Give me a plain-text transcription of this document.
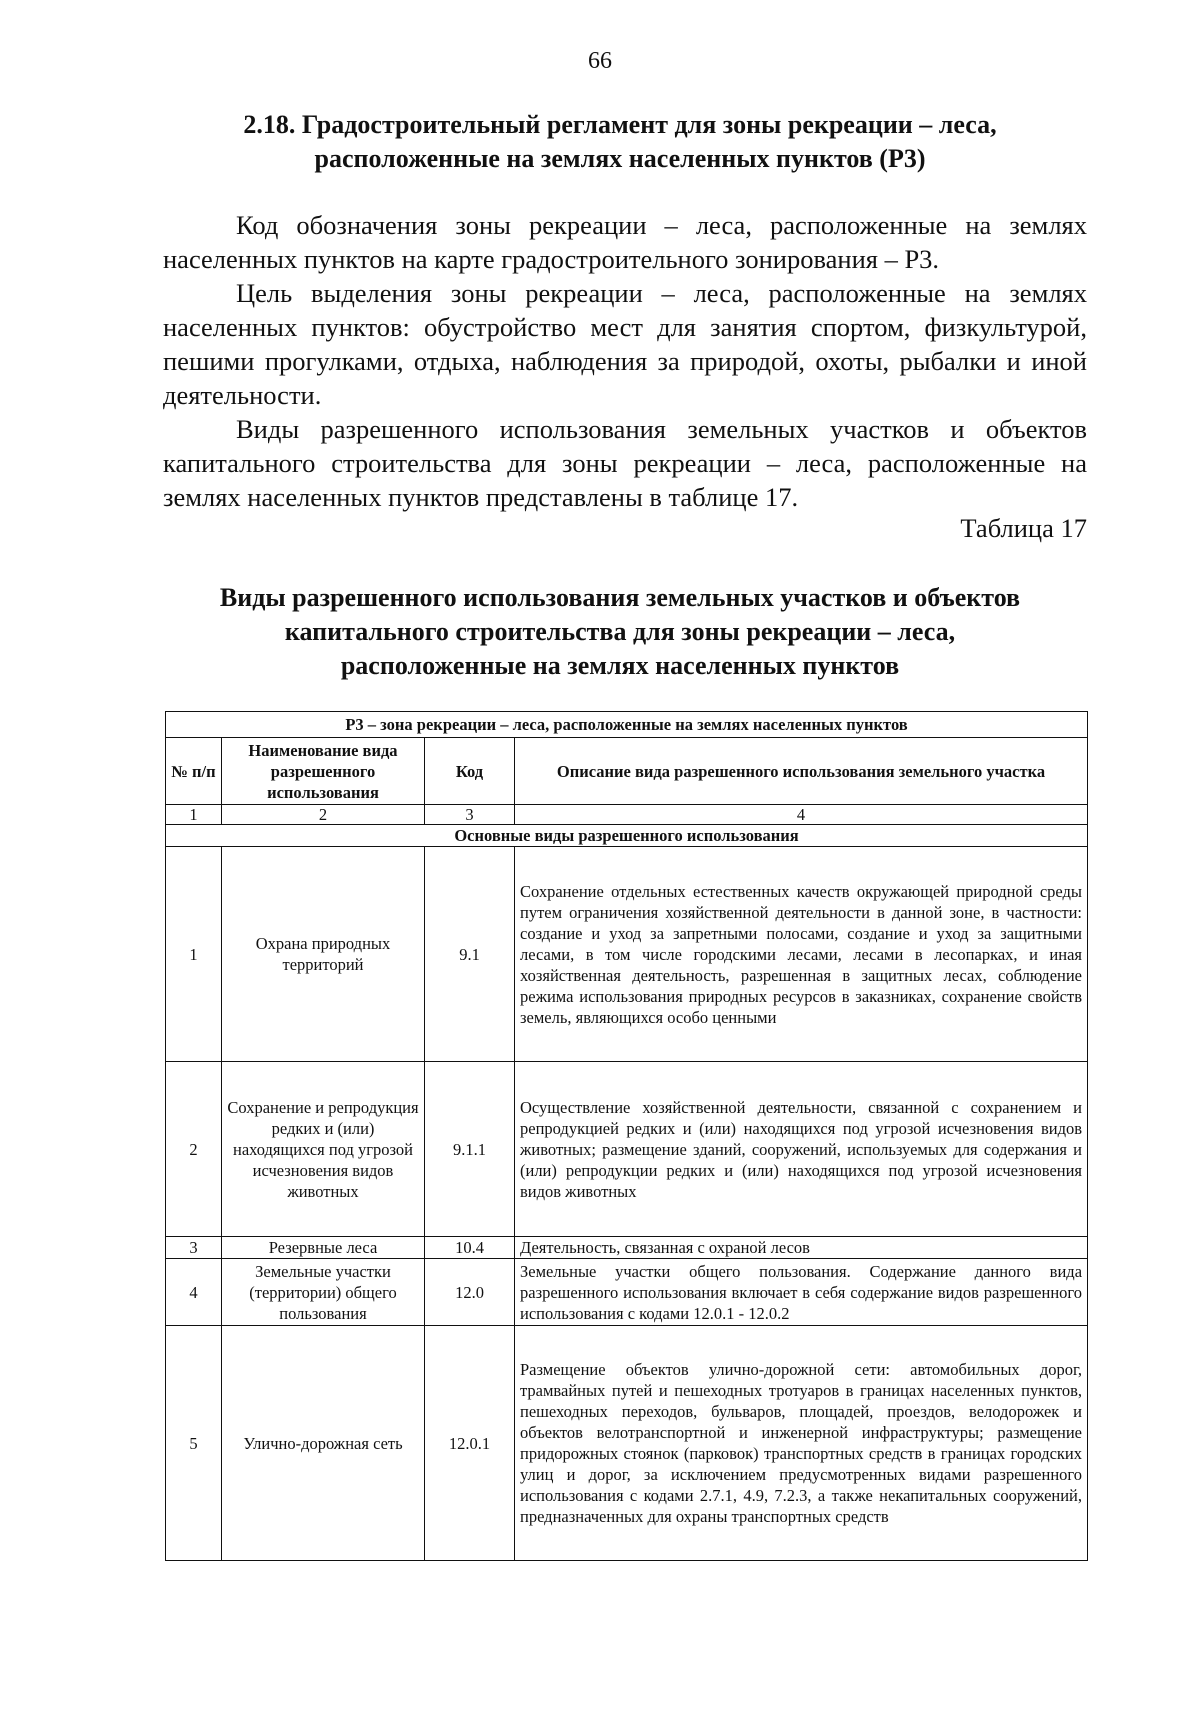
66
2.18. Градостроительный регламент для зоны рекреации – леса,
расположенные на землях населенных пунктов (Р3)

Код обозначения зоны рекреации – леса, расположенные на землях населенных пунктов на карте градостроительного зонирования – Р3.

Цель выделения зоны рекреации – леса, расположенные на землях населенных пунктов: обустройство мест для занятия спортом, физкультурой, пешими прогулками, отдыха, наблюдения за природой, охоты, рыбалки и иной деятельности.

Виды разрешенного использования земельных участков и объектов капитального строительства для зоны рекреации – леса, расположенные на землях населенных пунктов представлены в таблице 17.

Таблица 17
Виды разрешенного использования земельных участков и объектов
капитального строительства для зоны рекреации – леса,
расположенные на землях населенных пунктов
Р3 – зона рекреации – леса, расположенные на землях населенных пунктов			
№ п/п	Наименование вида разрешенного использования	Код	Описание вида разрешенного использования земельного участка
1	2	3	4
Основные виды разрешенного использования			
1	Охрана природных территорий	9.1	Сохранение отдельных естественных качеств окружающей природной среды путем ограничения хозяйственной деятельности в данной зоне, в частности: создание и уход за запретными полосами, создание и уход за защитными лесами, в том числе городскими лесами, лесами в лесопарках, и иная хозяйственная деятельность, разрешенная в защитных лесах, соблюдение режима использования природных ресурсов в заказниках, сохранение свойств земель, являющихся особо ценными
2	Сохранение и репродукция редких и (или) находящихся под угрозой исчезновения видов животных	9.1.1	Осуществление хозяйственной деятельности, связанной с сохранением и репродукцией редких и (или) находящихся под угрозой исчезновения видов животных; размещение зданий, сооружений, используемых для содержания и (или) репродукции редких и (или) находящихся под угрозой исчезновения видов животных
3	Резервные леса	10.4	Деятельность, связанная с охраной лесов
4	Земельные участки (территории) общего пользования	12.0	Земельные участки общего пользования. Содержание данного вида разрешенного использования включает в себя содержание видов разрешенного использования с кодами 12.0.1 - 12.0.2
5	Улично-дорожная сеть	12.0.1	Размещение объектов улично-дорожной сети: автомобильных дорог, трамвайных путей и пешеходных тротуаров в границах населенных пунктов, пешеходных переходов, бульваров, площадей, проездов, велодорожек и объектов велотранспортной и инженерной инфраструктуры; размещение придорожных стоянок (парковок) транспортных средств в границах городских улиц и дорог, за исключением предусмотренных видами разрешенного использования с кодами 2.7.1, 4.9, 7.2.3, а также некапитальных сооружений, предназначенных для охраны транспортных средств
